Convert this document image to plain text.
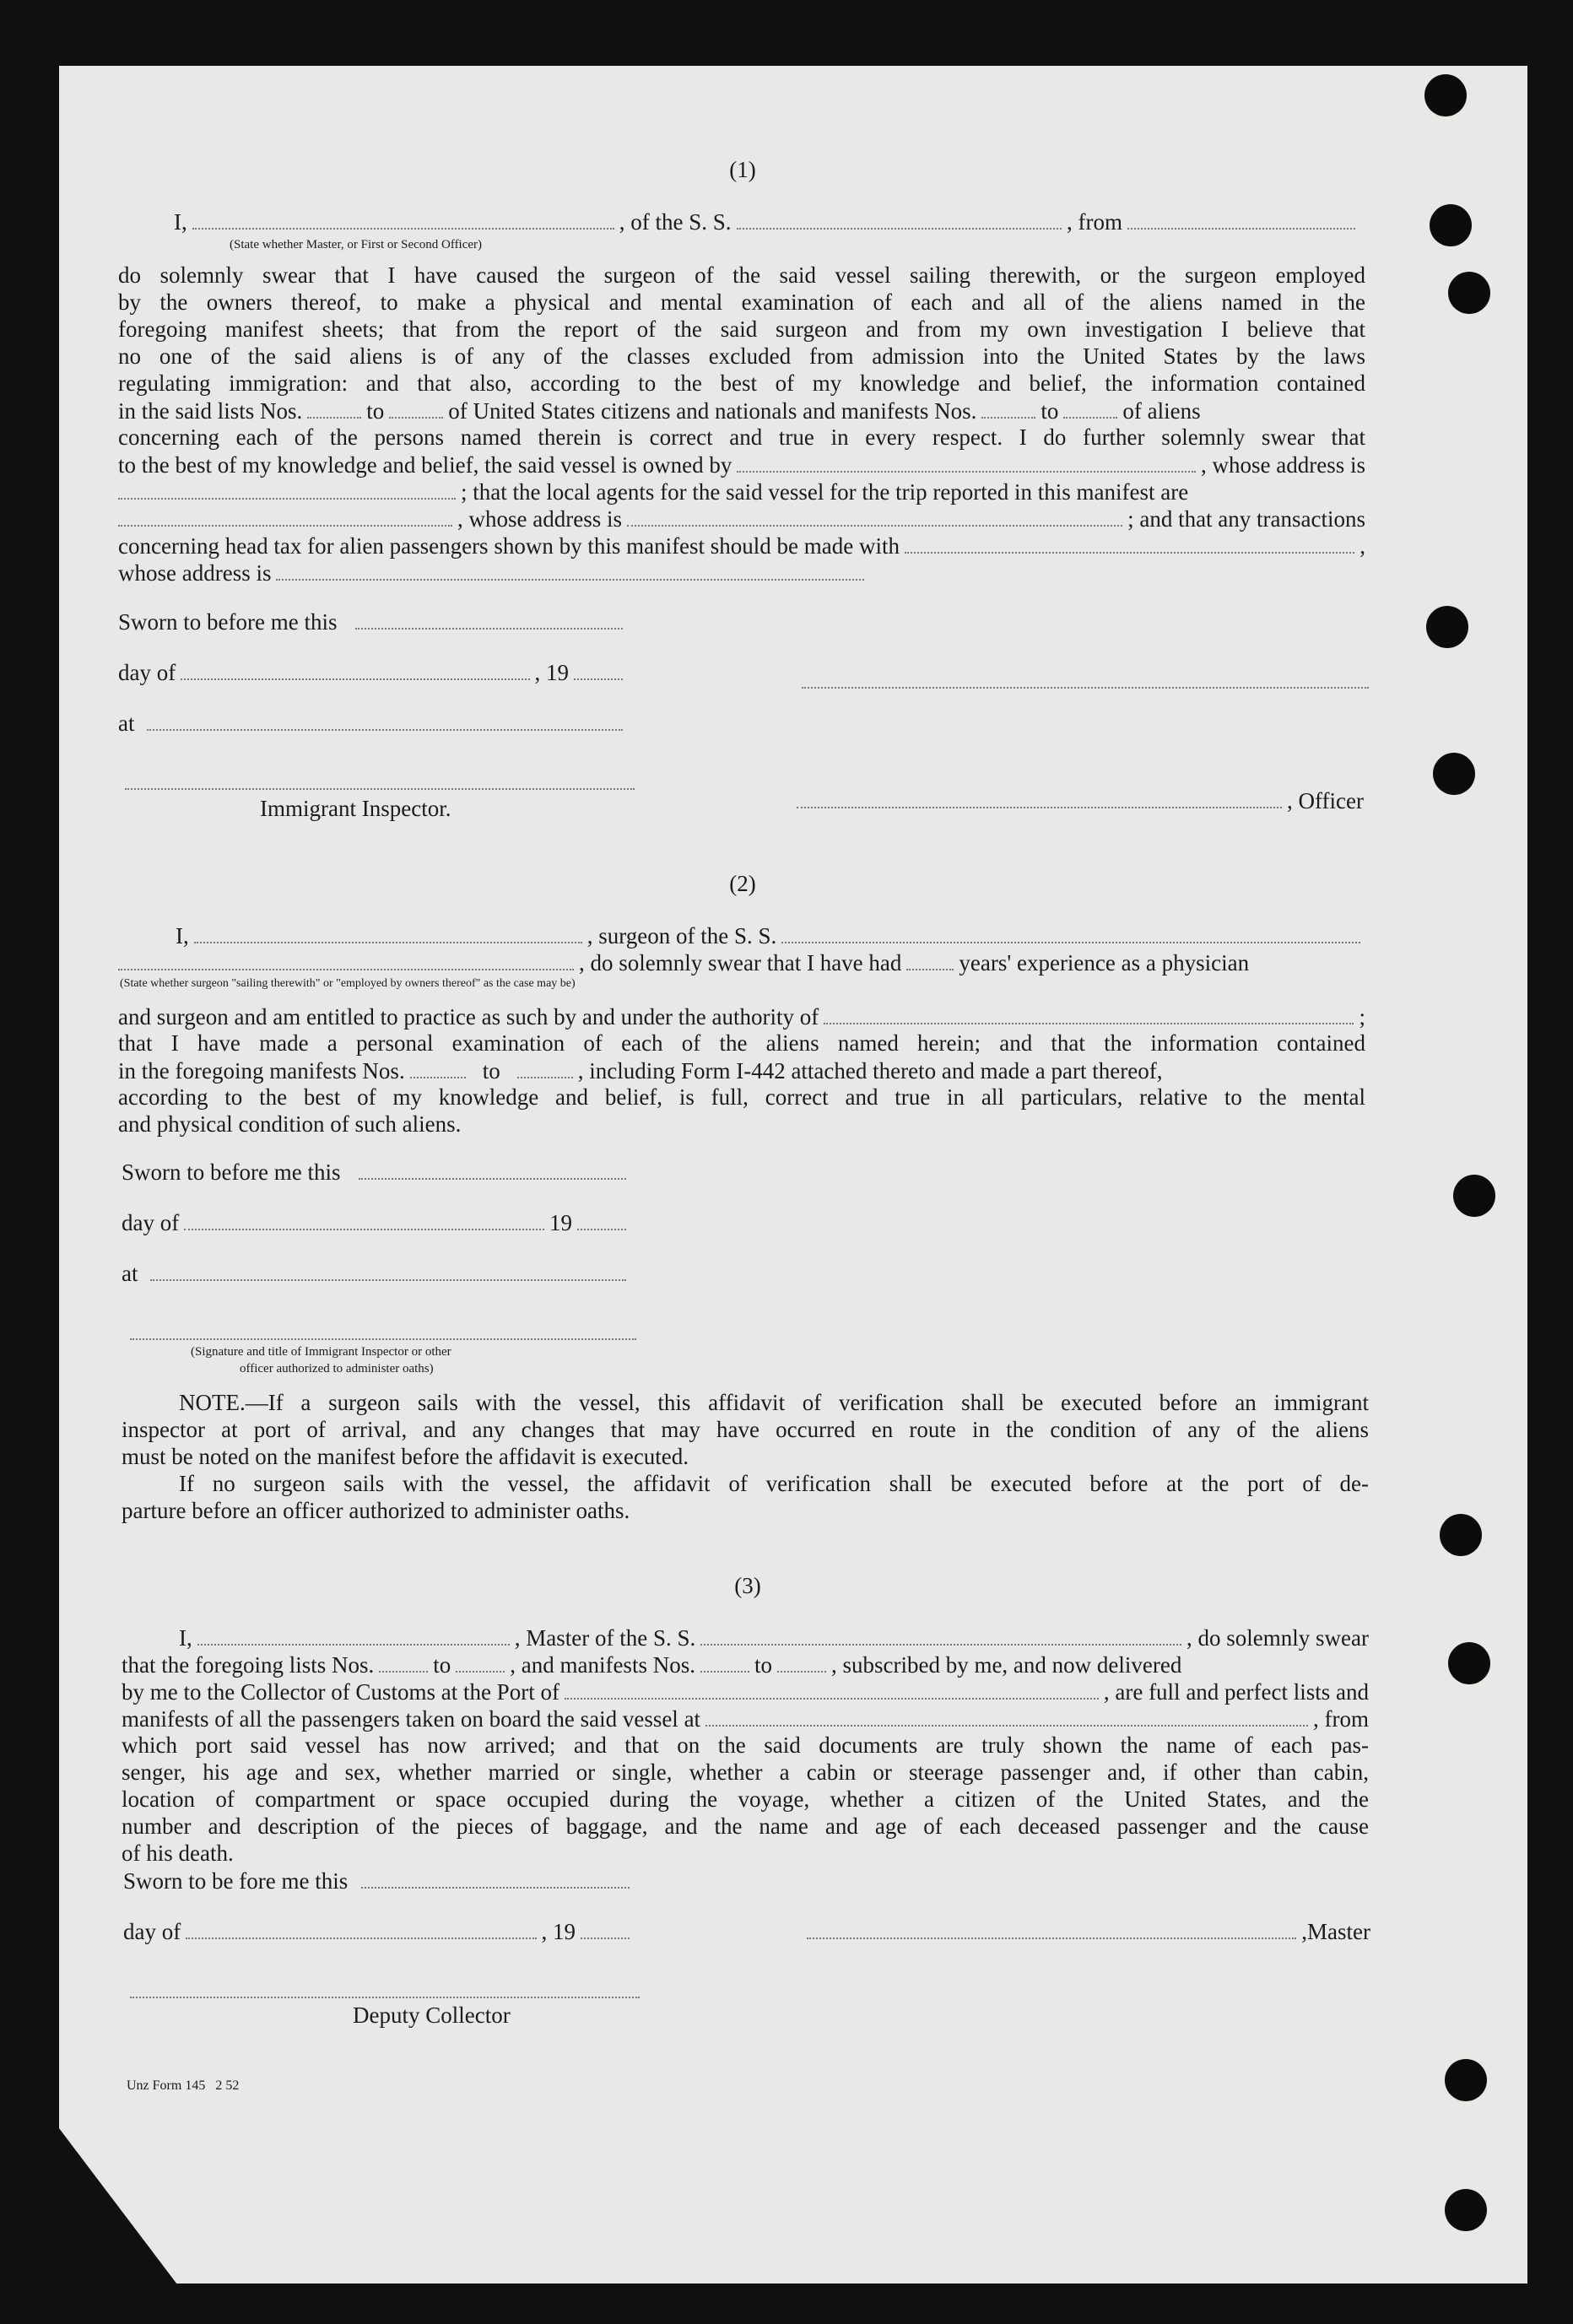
(1)
I,	, of the S. S.	, from
(State whether Master, or First or Second Officer)
do solemnly swear that I have caused the surgeon of the said vessel sailing therewith, or the surgeon employed
by the owners thereof, to make a physical and mental examination of each and all of the aliens named in the
foregoing manifest sheets; that from the report of the said surgeon and from my own investigation I believe that
no one of the said aliens is of any of the classes excluded from admission into the United States by the laws
regulating immigration: and that also, according to the best of my knowledge and belief, the information contained
in the said lists Nos.	to	of United States citizens and nationals and manifests Nos.	to	of aliens
concerning each of the persons named therein is correct and true in every respect. I do further solemnly swear that
to the best of my knowledge and belief, the said vessel is owned by	, whose address is
; that the local agents for the said vessel for the trip reported in this manifest are
, whose address is	; and that any transactions
concerning head tax for alien passengers shown by this manifest should be made with	,
whose address is
Sworn to before me this
day of	, 19
at
Immigrant Inspector.	, Officer
(2)
I,	, surgeon of the S. S.
, do solemnly swear that I have had	years' experience as a physician
(State whether surgeon "sailing therewith" or "employed by owners thereof" as the case may be)
and surgeon and am entitled to practice as such by and under the authority of	;
that I have made a personal examination of each of the aliens named herein; and that the information contained
in the foregoing manifests Nos.	to	, including Form I-442 attached thereto and made a part thereof,
according to the best of my knowledge and belief, is full, correct and true in all particulars, relative to the mental
and physical condition of such aliens.
Sworn to before me this
day of	19
at
(Signature and title of Immigrant Inspector or other
officer authorized to administer oaths)
NOTE.—If a surgeon sails with the vessel, this affidavit of verification shall be executed before an immigrant
inspector at port of arrival, and any changes that may have occurred en route in the condition of any of the aliens
must be noted on the manifest before the affidavit is executed.
If no surgeon sails with the vessel, the affidavit of verification shall be executed before at the port of de-
parture before an officer authorized to administer oaths.
(3)
I,	, Master of the S. S.	, do solemnly swear
that the foregoing lists Nos.	to	, and manifests Nos.	to	, subscribed by me, and now delivered
by me to the Collector of Customs at the Port of	, are full and perfect lists and
manifests of all the passengers taken on board the said vessel at	, from
which port said vessel has now arrived; and that on the said documents are truly shown the name of each pas-
senger, his age and sex, whether married or single, whether a cabin or steerage passenger and, if other than cabin,
location of compartment or space occupied during the voyage, whether a citizen of the United States, and the
number and description of the pieces of baggage, and the name and age of each deceased passenger and the cause
of his death.
Sworn to be fore me this
day of	, 19	,Master
Deputy Collector
Unz Form 145   2 52
